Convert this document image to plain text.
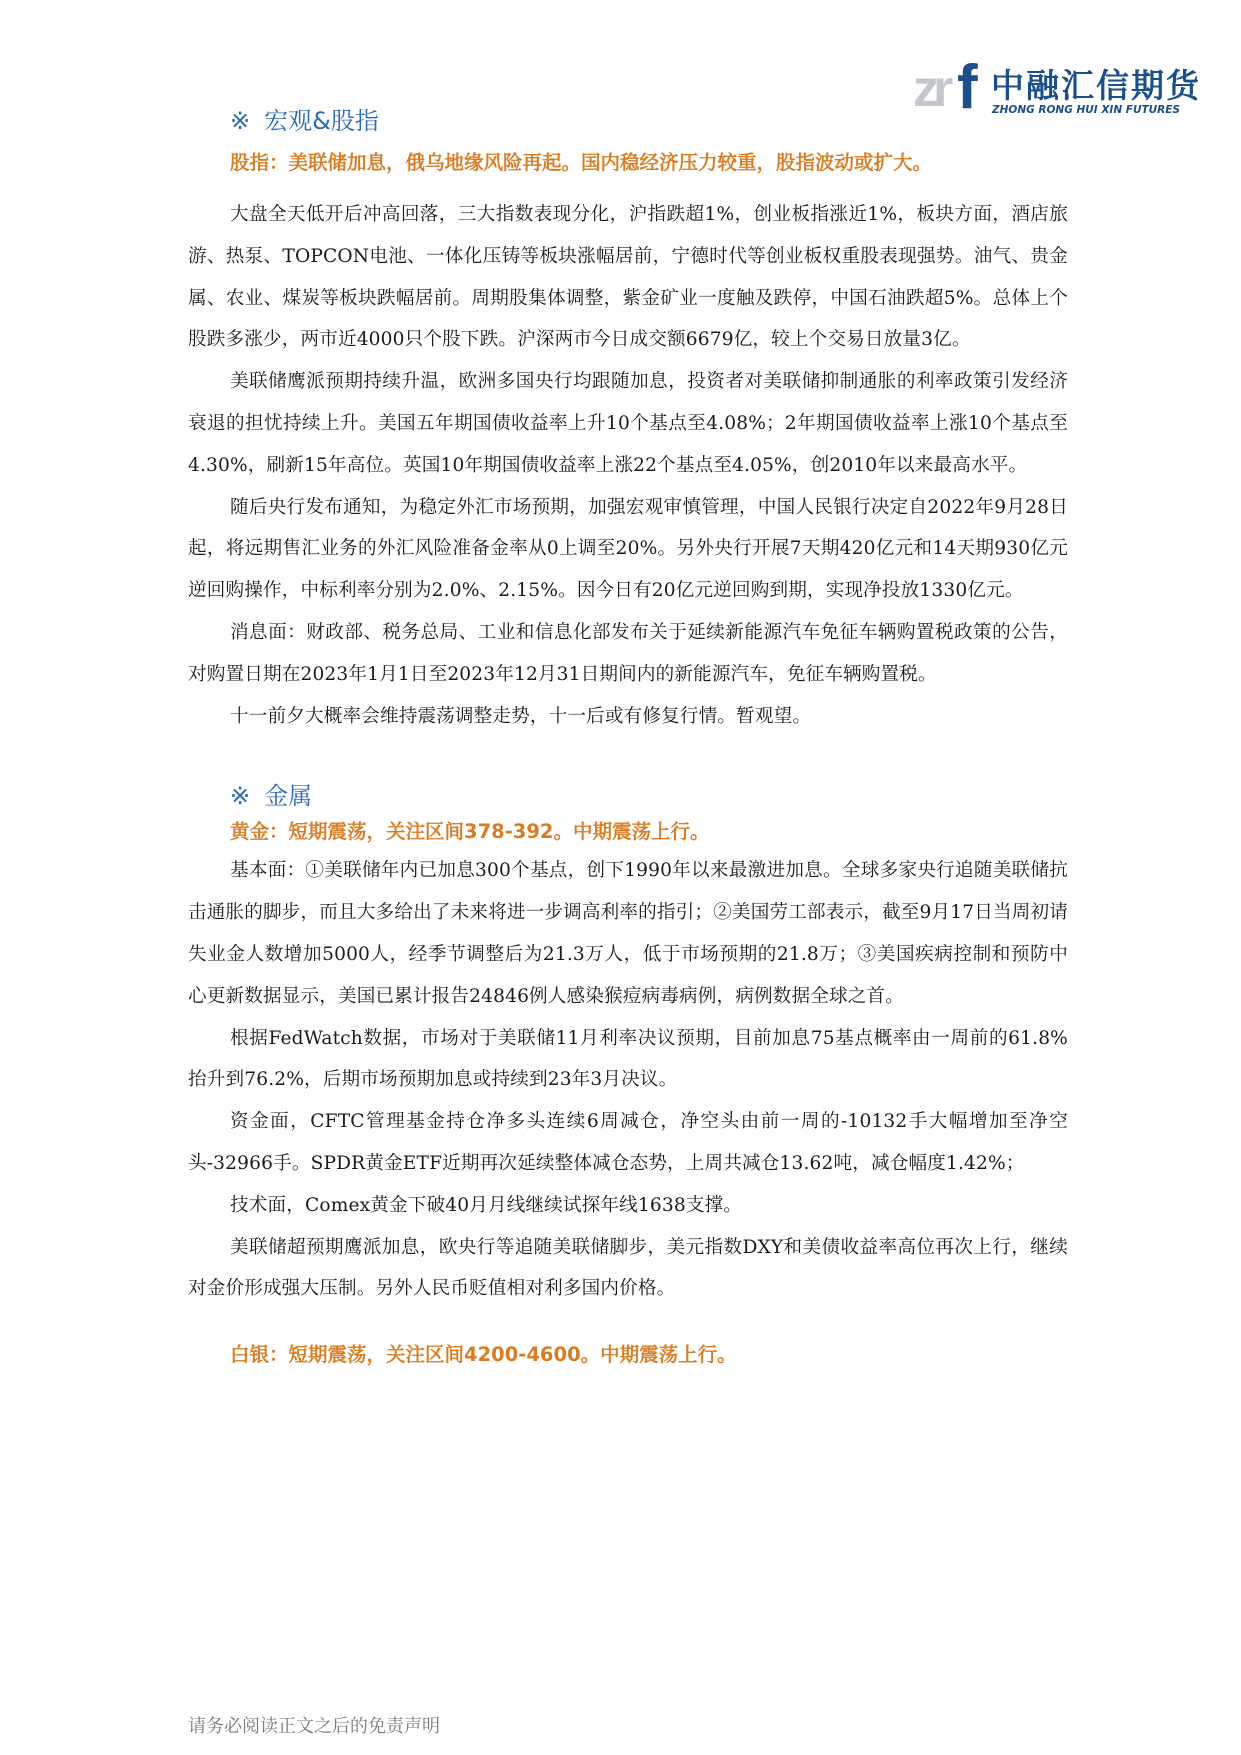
zr f 中融汇信期货
ZHONG RONG HUI XIN FUTURES
※ 宏观&股指
股指：美联储加息，俄乌地缘风险再起。国内稳经济压力较重，股指波动或扩大。

大盘全天低开后冲高回落，三大指数表现分化，沪指跌超1%，创业板指涨近1%，板块方面，酒店旅游、热泵、TOPCON电池、一体化压铸等板块涨幅居前，宁德时代等创业板权重股表现强势。油气、贵金属、农业、煤炭等板块跌幅居前。周期股集体调整，紫金矿业一度触及跌停，中国石油跌超5%。总体上个股跌多涨少，两市近4000只个股下跌。沪深两市今日成交额6679亿，较上个交易日放量3亿。

美联储鹰派预期持续升温，欧洲多国央行均跟随加息，投资者对美联储抑制通胀的利率政策引发经济衰退的担忧持续上升。美国五年期国债收益率上升10个基点至4.08%；2年期国债收益率上涨10个基点至4.30%，刷新15年高位。英国10年期国债收益率上涨22个基点至4.05%，创2010年以来最高水平。

随后央行发布通知，为稳定外汇市场预期，加强宏观审慎管理，中国人民银行决定自2022年9月28日起，将远期售汇业务的外汇风险准备金率从0上调至20%。另外央行开展7天期420亿元和14天期930亿元逆回购操作，中标利率分别为2.0%、2.15%。因今日有20亿元逆回购到期，实现净投放1330亿元。

消息面：财政部、税务总局、工业和信息化部发布关于延续新能源汽车免征车辆购置税政策的公告，对购置日期在2023年1月1日至2023年12月31日期间内的新能源汽车，免征车辆购置税。

十一前夕大概率会维持震荡调整走势，十一后或有修复行情。暂观望。

※ 金属
黄金：短期震荡，关注区间378-392。中期震荡上行。

基本面：①美联储年内已加息300个基点，创下1990年以来最激进加息。全球多家央行追随美联储抗击通胀的脚步，而且大多给出了未来将进一步调高利率的指引；②美国劳工部表示，截至9月17日当周初请失业金人数增加5000人，经季节调整后为21.3万人，低于市场预期的21.8万；③美国疾病控制和预防中心更新数据显示，美国已累计报告24846例人感染猴痘病毒病例，病例数据全球之首。

根据FedWatch数据，市场对于美联储11月利率决议预期，目前加息75基点概率由一周前的61.8%抬升到76.2%，后期市场预期加息或持续到23年3月决议。

资金面，CFTC管理基金持仓净多头连续6周减仓，净空头由前一周的-10132手大幅增加至净空头-32966手。SPDR黄金ETF近期再次延续整体减仓态势，上周共减仓13.62吨，减仓幅度1.42%；

技术面，Comex黄金下破40月月线继续试探年线1638支撑。

美联储超预期鹰派加息，欧央行等追随美联储脚步，美元指数DXY和美债收益率高位再次上行，继续对金价形成强大压制。另外人民币贬值相对利多国内价格。

白银：短期震荡，关注区间4200-4600。中期震荡上行。
请务必阅读正文之后的免责声明
